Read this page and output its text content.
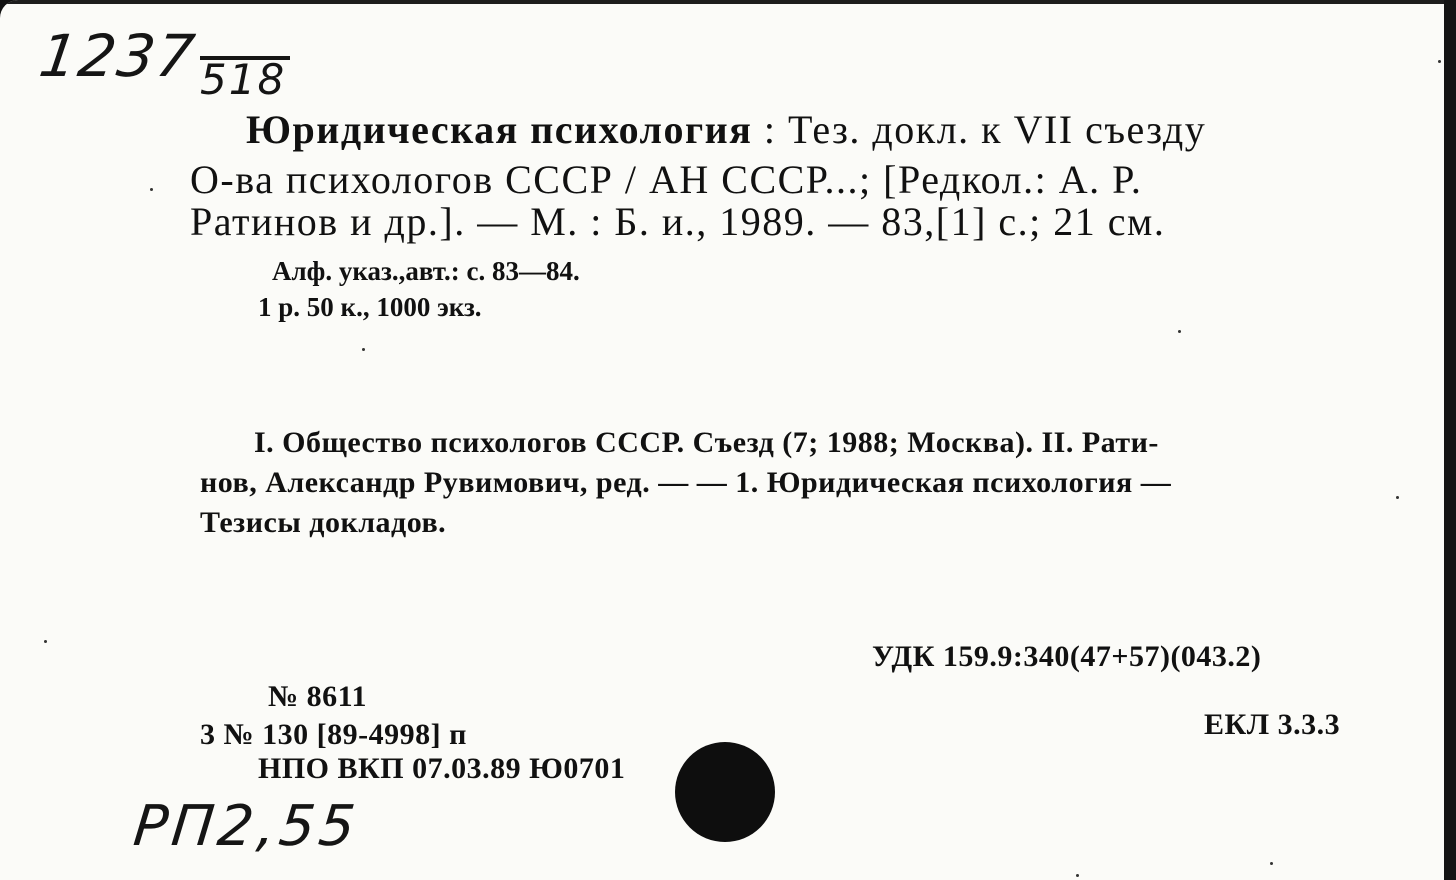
1237 518
Юридическая психология : Тез. докл. к VII съезду
О-ва психологов СССР / АН СССР...; [Редкол.: А. Р.
Ратинов и др.]. — М. : Б. и., 1989. — 83,[1] с.; 21 см.
Алф. указ.,авт.: с. 83—84.
1 р. 50 к., 1000 экз.
I. Общество психологов СССР. Съезд (7; 1988; Москва). II. Рати-
нов, Александр Рувимович, ред. — — 1. Юридическая психология —
Тезисы докладов.
УДК 159.9:340(47+57)(043.2)
ЕКЛ 3.3.3
№ 8611
3 № 130 [89-4998] п
НПО ВКП 07.03.89 Ю0701
РП2,55
